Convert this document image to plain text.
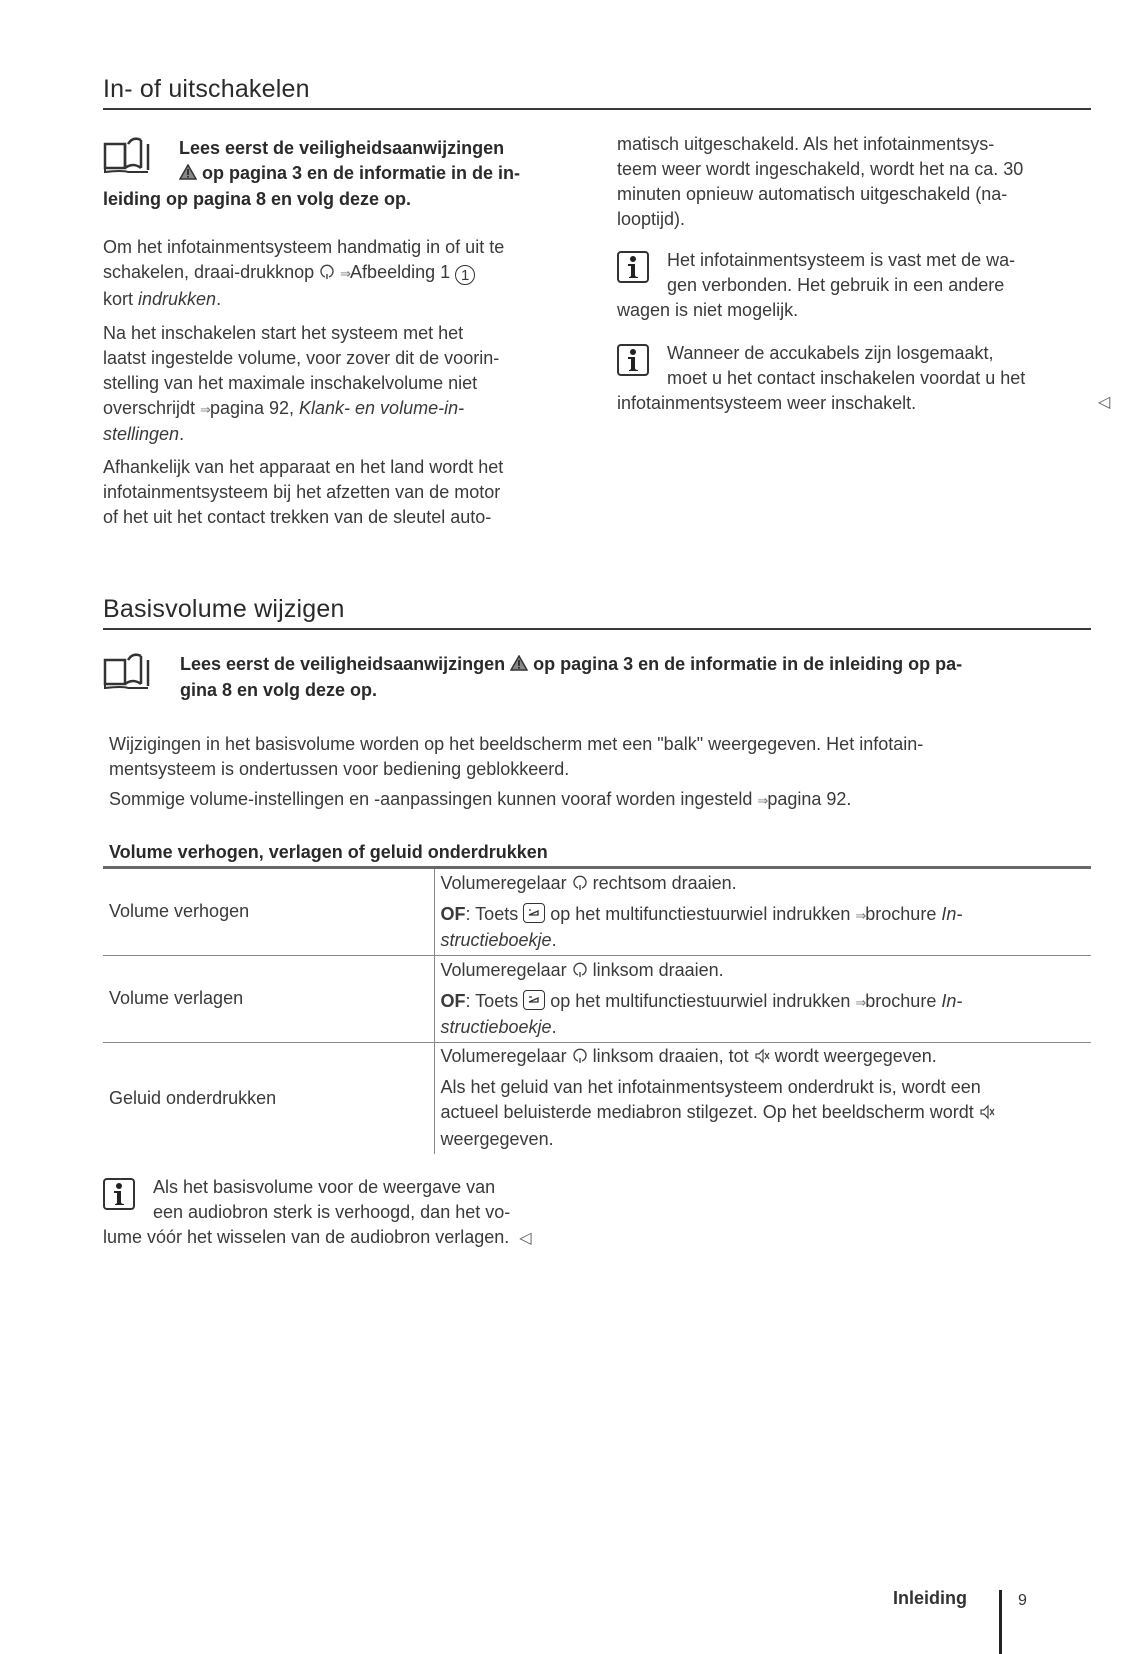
In- of uitschakelen

Lees eerst de veiligheidsaanwijzingen

op pagina 3 en de informatie in de in-

leiding op pagina 8 en volg deze op.

Om het infotainmentsysteem handmatig in of uit te

schakelen, draai-drukknop  ⇒Afbeelding 1 1

kort indrukken.

Na het inschakelen start het systeem met het

laatst ingestelde volume, voor zover dit de voorin-

stelling van het maximale inschakelvolume niet

overschrijdt ⇒pagina 92, Klank- en volume-in-

stellingen.

Afhankelijk van het apparaat en het land wordt het

infotainmentsysteem bij het afzetten van de motor

of het uit het contact trekken van de sleutel auto-

matisch uitgeschakeld. Als het infotainmentsys-

teem weer wordt ingeschakeld, wordt het na ca. 30

minuten opnieuw automatisch uitgeschakeld (na-

looptijd).

Het infotainmentsysteem is vast met de wa-

gen verbonden. Het gebruik in een andere

wagen is niet mogelijk.

Wanneer de accukabels zijn losgemaakt,

moet u het contact inschakelen voordat u het

infotainmentsysteem weer inschakelt.	◁
Basisvolume wijzigen

Lees eerst de veiligheidsaanwijzingen  op pagina 3 en de informatie in de inleiding op pa-

gina 8 en volg deze op.

Wijzigingen in het basisvolume worden op het beeldscherm met een "balk" weergegeven. Het infotain-

mentsysteem is ondertussen voor bediening geblokkeerd.

Sommige volume-instellingen en -aanpassingen kunnen vooraf worden ingesteld ⇒pagina 92.

Volume verhogen, verlagen of geluid onderdrukken
Volume verhogen	Volumeregelaar  rechtsom draaien.

OF: Toets
op het multifunctiestuurwiel indrukken ⇒brochure In-

structieboekje.

Volume verlagen	Volumeregelaar  linksom draaien.

OF: Toets
op het multifunctiestuurwiel indrukken ⇒brochure In-

structieboekje.

Geluid onderdrukken	Volumeregelaar  linksom draaien, tot  wordt weergegeven.

Als het geluid van het infotainmentsysteem onderdrukt is, wordt een

actueel beluisterde mediabron stilgezet. Op het beeldscherm wordt

weergegeven.

Als het basisvolume voor de weergave van

een audiobron sterk is verhoogd, dan het vo-

lume vóór het wisselen van de audiobron verlagen. ◁

Inleiding	9
